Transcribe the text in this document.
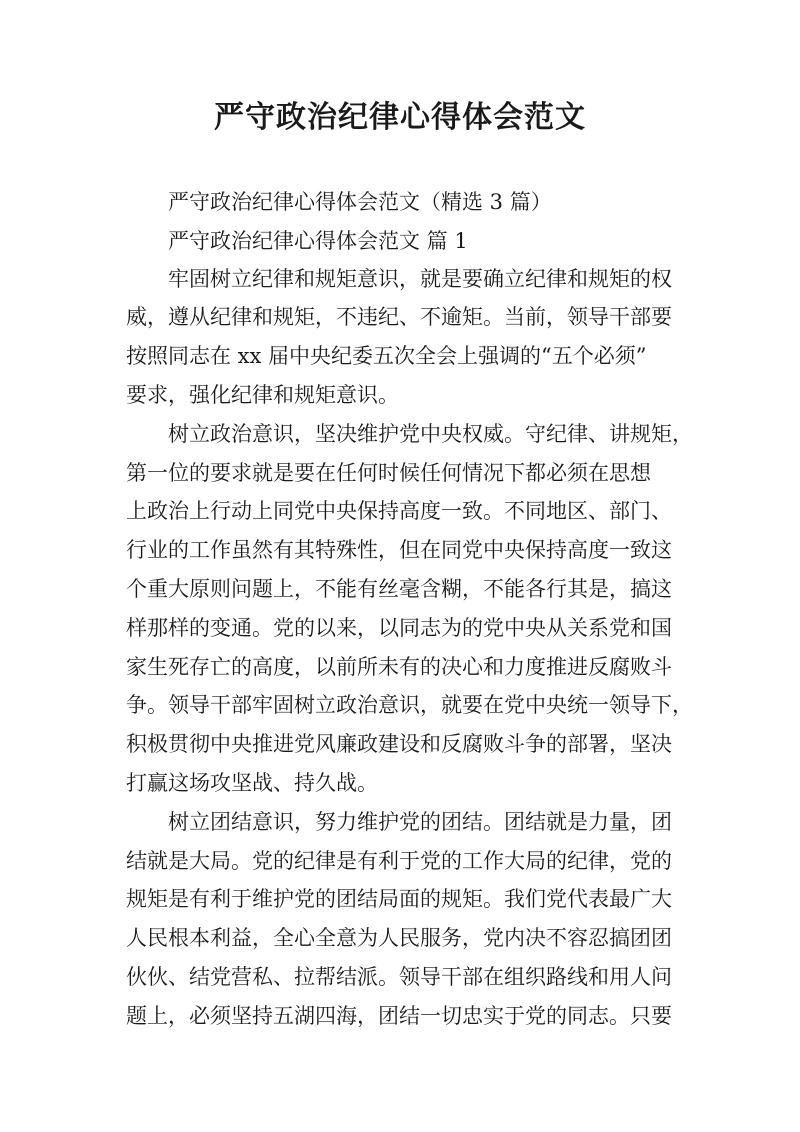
严守政治纪律心得体会范文
严守政治纪律心得体会范文（精选 3 篇）
严守政治纪律心得体会范文 篇 1
牢固树立纪律和规矩意识，就是要确立纪律和规矩的权
威，遵从纪律和规矩，不违纪、不逾矩。当前，领导干部要
按照同志在 xx 届中央纪委五次全会上强调的“五个必须”
要求，强化纪律和规矩意识。
树立政治意识，坚决维护党中央权威。守纪律、讲规矩，
第一位的要求就是要在任何时候任何情况下都必须在思想
上政治上行动上同党中央保持高度一致。不同地区、部门、
行业的工作虽然有其特殊性，但在同党中央保持高度一致这
个重大原则问题上，不能有丝毫含糊，不能各行其是，搞这
样那样的变通。党的以来，以同志为的党中央从关系党和国
家生死存亡的高度，以前所未有的决心和力度推进反腐败斗
争。领导干部牢固树立政治意识，就要在党中央统一领导下，
积极贯彻中央推进党风廉政建设和反腐败斗争的部署，坚决
打赢这场攻坚战、持久战。
树立团结意识，努力维护党的团结。团结就是力量，团
结就是大局。党的纪律是有利于党的工作大局的纪律，党的
规矩是有利于维护党的团结局面的规矩。我们党代表最广大
人民根本利益，全心全意为人民服务，党内决不容忍搞团团
伙伙、结党营私、拉帮结派。领导干部在组织路线和用人问
题上，必须坚持五湖四海，团结一切忠实于党的同志。只要
